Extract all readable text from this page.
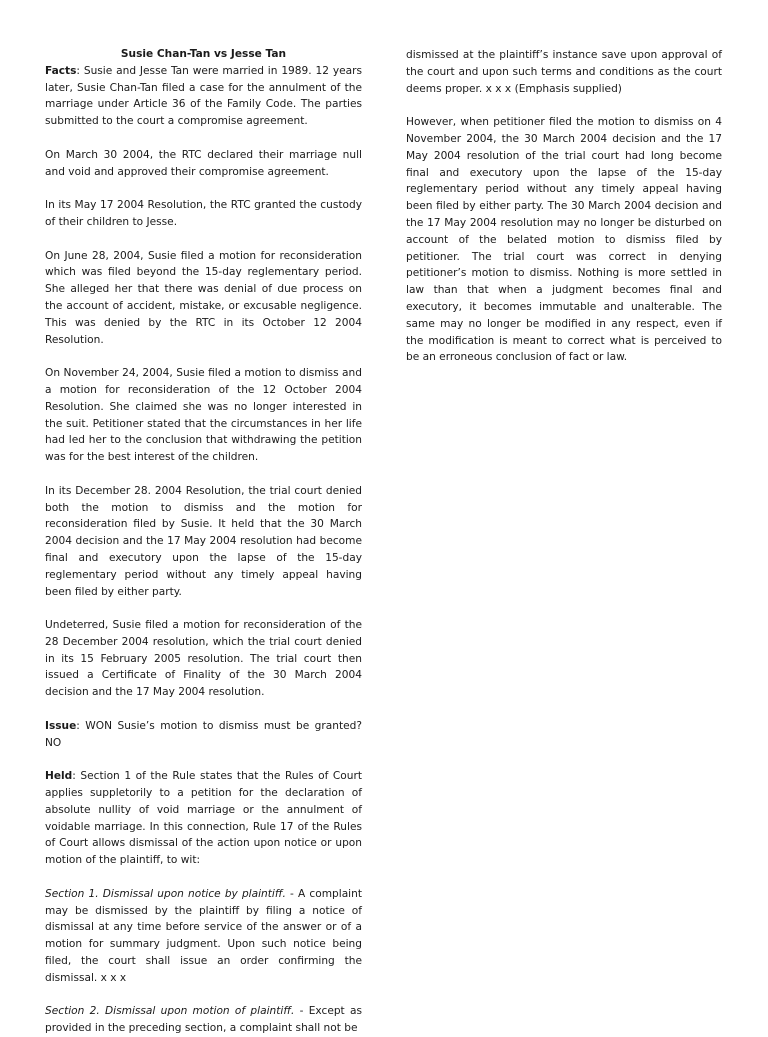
Susie Chan-Tan vs Jesse Tan

Facts: Susie and Jesse Tan were married in 1989. 12 years later, Susie Chan-Tan filed a case for the annulment of the marriage under Article 36 of the Family Code. The parties submitted to the court a compromise agreement.

On March 30 2004, the RTC declared their marriage null and void and approved their compromise agreement.

In its May 17 2004 Resolution, the RTC granted the custody of their children to Jesse.

On June 28, 2004, Susie filed a motion for reconsideration which was filed beyond the 15-day reglementary period. She alleged her that there was denial of due process on the account of accident, mistake, or excusable negligence. This was denied by the RTC in its October 12 2004 Resolution.

On November 24, 2004, Susie filed a motion to dismiss and a motion for reconsideration of the 12 October 2004 Resolution. She claimed she was no longer interested in the suit. Petitioner stated that the circumstances in her life had led her to the conclusion that withdrawing the petition was for the best interest of the children.

In its December 28. 2004 Resolution, the trial court denied both the motion to dismiss and the motion for reconsideration filed by Susie. It held that the 30 March 2004 decision and the 17 May 2004 resolution had become final and executory upon the lapse of the 15-day reglementary period without any timely appeal having been filed by either party.

Undeterred, Susie filed a motion for reconsideration of the 28 December 2004 resolution, which the trial court denied in its 15 February 2005 resolution. The trial court then issued a Certificate of Finality of the 30 March 2004 decision and the 17 May 2004 resolution.

Issue: WON Susie’s motion to dismiss must be granted? NO

Held: Section 1 of the Rule states that the Rules of Court applies suppletorily to a petition for the declaration of absolute nullity of void marriage or the annulment of voidable marriage. In this connection, Rule 17 of the Rules of Court allows dismissal of the action upon notice or upon motion of the plaintiff, to wit:

Section 1. Dismissal upon notice by plaintiff. - A complaint may be dismissed by the plaintiff by filing a notice of dismissal at any time before service of the answer or of a motion for summary judgment. Upon such notice being filed, the court shall issue an order confirming the dismissal. x x x

Section 2. Dismissal upon motion of plaintiff. - Except as provided in the preceding section, a complaint shall not be

dismissed at the plaintiff’s instance save upon approval of the court and upon such terms and conditions as the court deems proper. x x x (Emphasis supplied)

However, when petitioner filed the motion to dismiss on 4 November 2004, the 30 March 2004 decision and the 17 May 2004 resolution of the trial court had long become final and executory upon the lapse of the 15-day reglementary period without any timely appeal having been filed by either party. The 30 March 2004 decision and the 17 May 2004 resolution may no longer be disturbed on account of the belated motion to dismiss filed by petitioner. The trial court was correct in denying petitioner’s motion to dismiss. Nothing is more settled in law than that when a judgment becomes final and executory, it becomes immutable and unalterable. The same may no longer be modified in any respect, even if the modification is meant to correct what is perceived to be an erroneous conclusion of fact or law.
